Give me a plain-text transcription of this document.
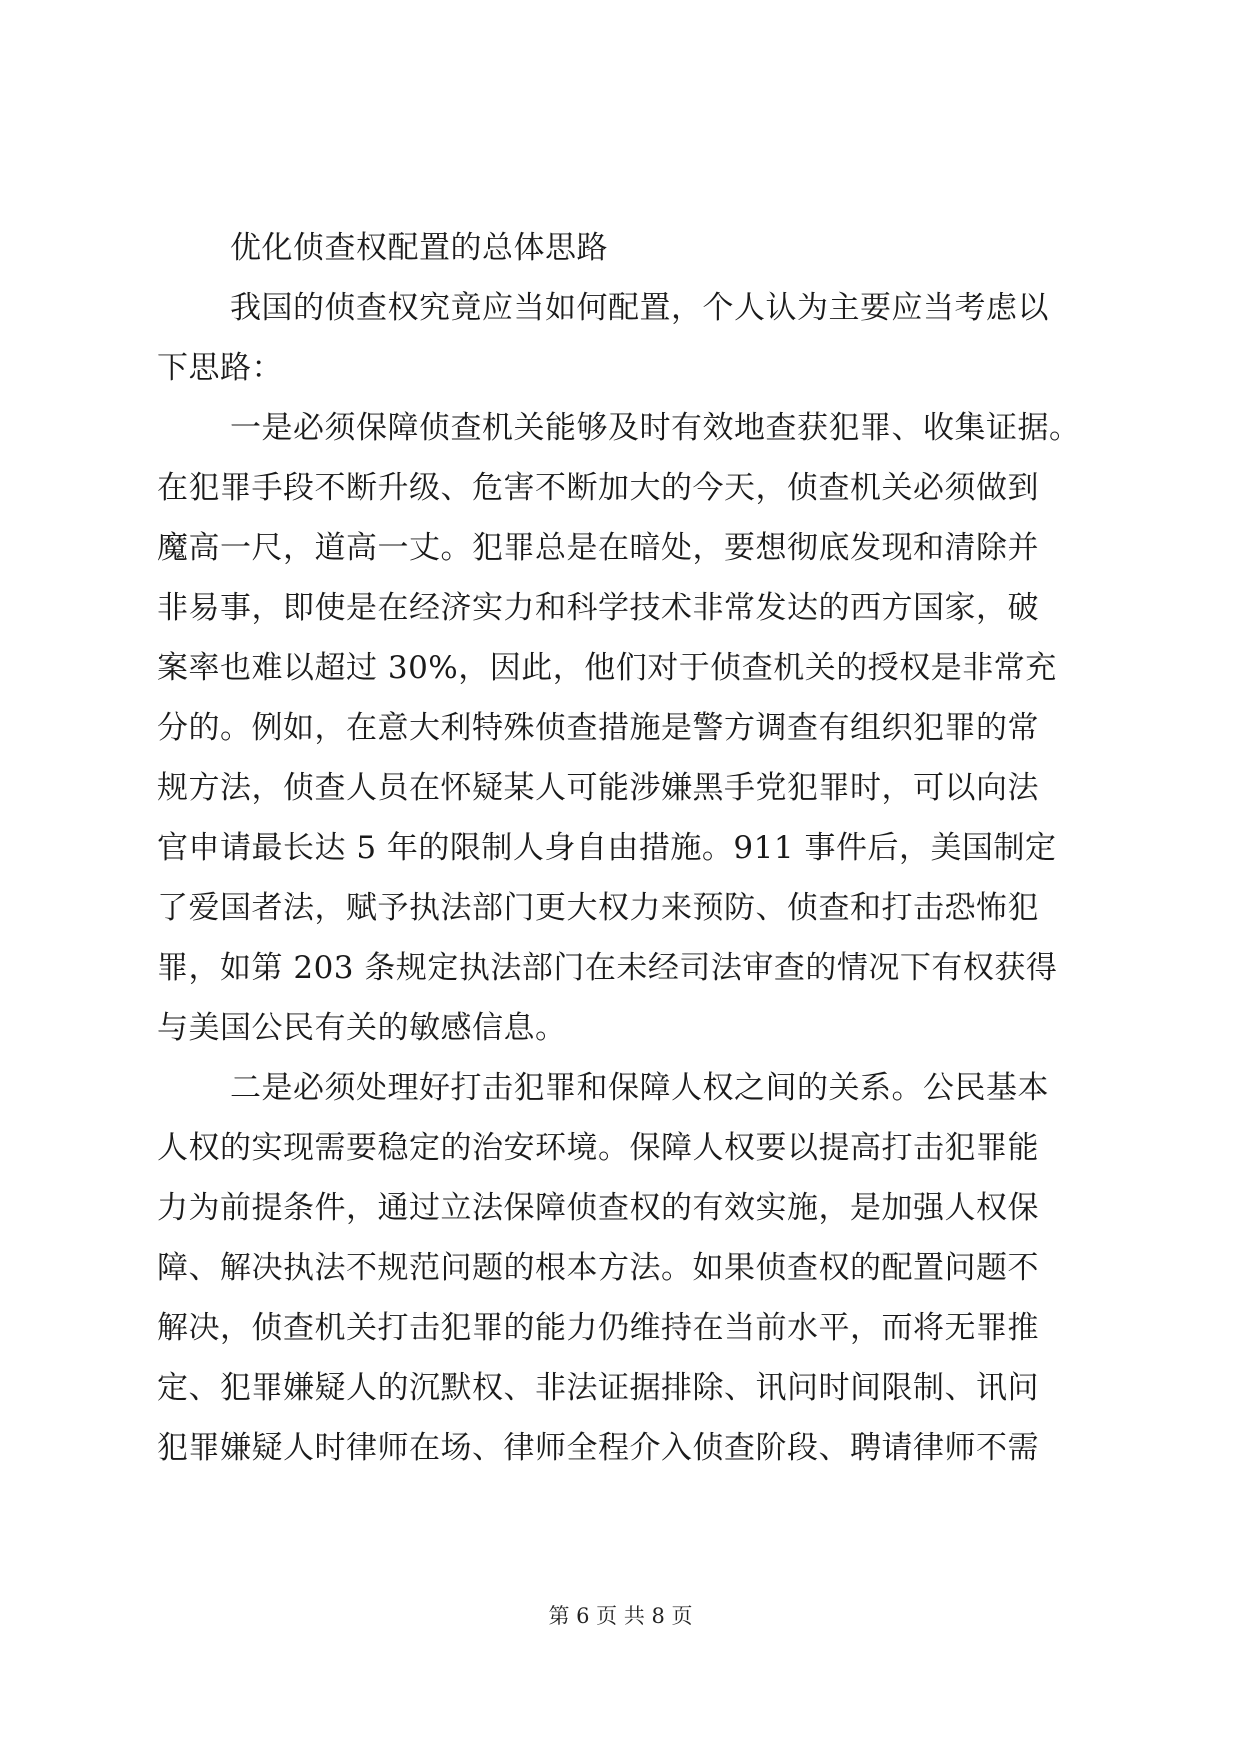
优化侦查权配置的总体思路
我国的侦查权究竟应当如何配置，个人认为主要应当考虑以
下思路：
一是必须保障侦查机关能够及时有效地查获犯罪、收集证据。
在犯罪手段不断升级、危害不断加大的今天，侦查机关必须做到
魔高一尺，道高一丈。犯罪总是在暗处，要想彻底发现和清除并
非易事，即使是在经济实力和科学技术非常发达的西方国家，破
案率也难以超过 30%，因此，他们对于侦查机关的授权是非常充
分的。例如，在意大利特殊侦查措施是警方调查有组织犯罪的常
规方法，侦查人员在怀疑某人可能涉嫌黑手党犯罪时，可以向法
官申请最长达 5 年的限制人身自由措施。911 事件后，美国制定
了爱国者法，赋予执法部门更大权力来预防、侦查和打击恐怖犯
罪，如第 203 条规定执法部门在未经司法审查的情况下有权获得
与美国公民有关的敏感信息。
二是必须处理好打击犯罪和保障人权之间的关系。公民基本
人权的实现需要稳定的治安环境。保障人权要以提高打击犯罪能
力为前提条件，通过立法保障侦查权的有效实施，是加强人权保
障、解决执法不规范问题的根本方法。如果侦查权的配置问题不
解决，侦查机关打击犯罪的能力仍维持在当前水平，而将无罪推
定、犯罪嫌疑人的沉默权、非法证据排除、讯问时间限制、讯问
犯罪嫌疑人时律师在场、律师全程介入侦查阶段、聘请律师不需
第 6 页 共 8 页
